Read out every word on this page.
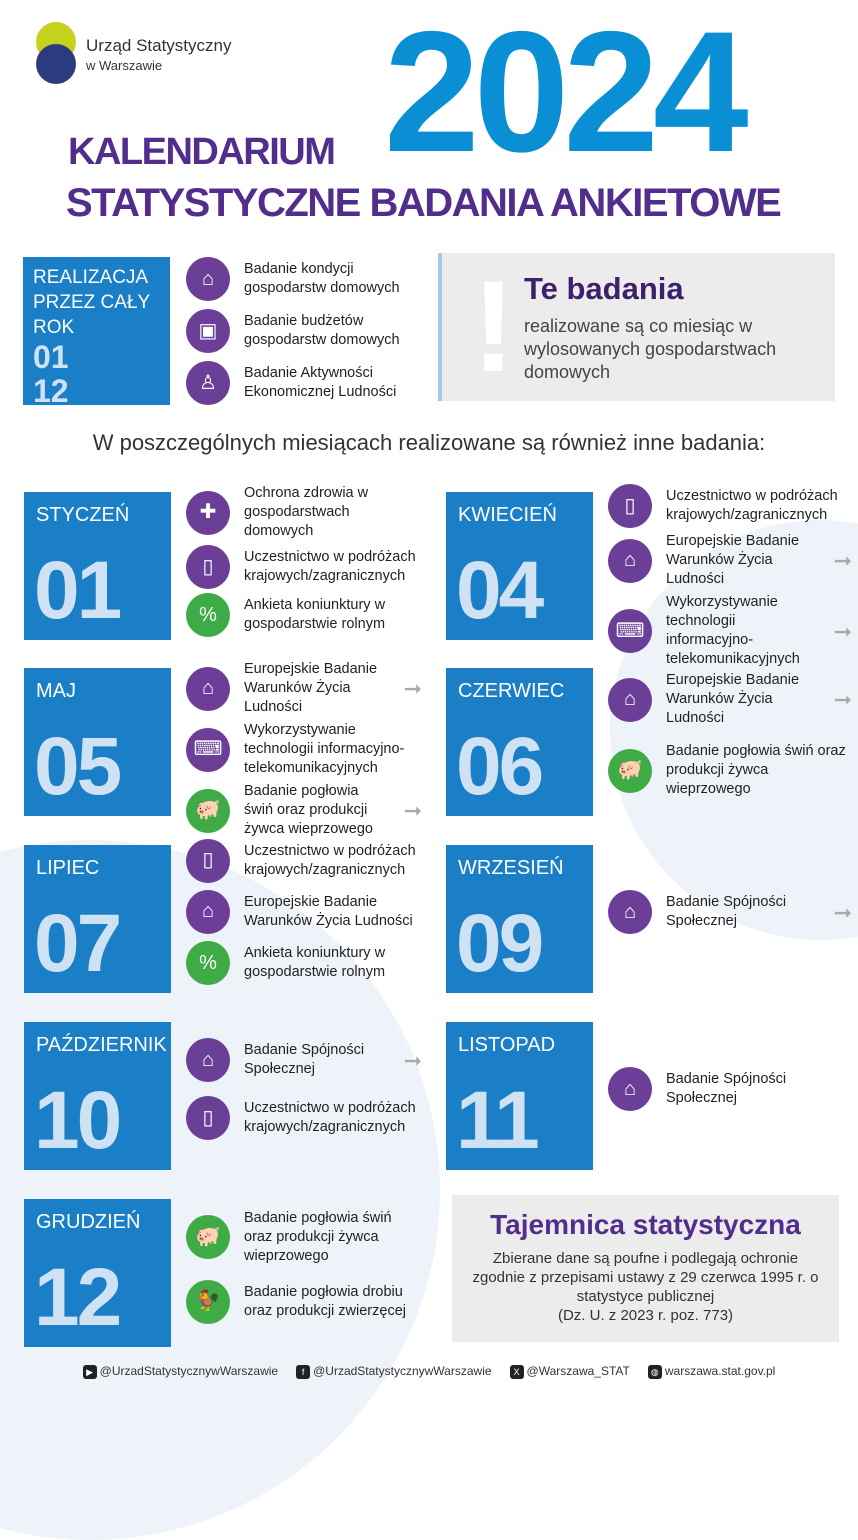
Urząd Statystyczny
w Warszawie	2024
KALENDARIUM
STATYSTYCZNE BADANIA ANKIETOWE
REALIZACJA PRZEZ CAŁY ROK
01
12
⌂	Badanie kondycji gospodarstw domowych
▣	Badanie budżetów gospodarstw domowych
♙	Badanie Aktywności Ekonomicznej Ludności ! Te badania
realizowane są co miesiąc w wylosowanych gospodarstwach domowych
W poszczególnych miesiącach realizowane są również inne badania:
STYCZEŃ
01
✚
Ochrona zdrowia w gospodarstwach domowych
▯	Uczestnictwo w podróżach krajowych/zagranicznych
%	Ankieta koniunktury w gospodarstwie rolnym
KWIECIEŃ
04
▯	Uczestnictwo w podróżach krajowych/zagranicznych
⌂
Europejskie Badanie Warunków Życia Ludności
➞
⌨
Wykorzystywanie technologii informacyjno-telekomunikacyjnych
➞
MAJ
05
⌂
Europejskie Badanie Warunków Życia Ludności
➞
⌨
Wykorzystywanie technologii informacyjno-telekomunikacyjnych
🐖
Badanie pogłowia świń oraz produkcji żywca wieprzowego
➞
CZERWIEC
06
⌂
Europejskie Badanie Warunków Życia Ludności
➞
🐖
Badanie pogłowia świń oraz produkcji żywca wieprzowego
LIPIEC
07
▯	Uczestnictwo w podróżach krajowych/zagranicznych
⌂	Europejskie Badanie Warunków Życia Ludności
%	Ankieta koniunktury w gospodarstwie rolnym
WRZESIEŃ
09	⌂	Badanie Spójności Społecznej	➞
PAŹDZIERNIK
10
⌂	Badanie Spójności Społecznej	➞
▯	Uczestnictwo w podróżach krajowych/zagranicznych
LISTOPAD
11	⌂	Badanie Spójności Społecznej
GRUDZIEŃ
12
🐖
Badanie pogłowia świń oraz produkcji żywca wieprzowego
🐓	Badanie pogłowia drobiu oraz produkcji zwierzęcej
Tajemnica statystyczna

Zbierane dane są poufne i podlegają ochronie zgodnie z przepisami ustawy z 29 czerwca 1995 r. o statystyce publicznej

(Dz. U. z 2023 r. poz. 773)

▶ @UrzadStatystycznywWarszawie	f @UrzadStatystycznywWarszawie	X @Warszawa_STAT	◍ warszawa.stat.gov.pl
